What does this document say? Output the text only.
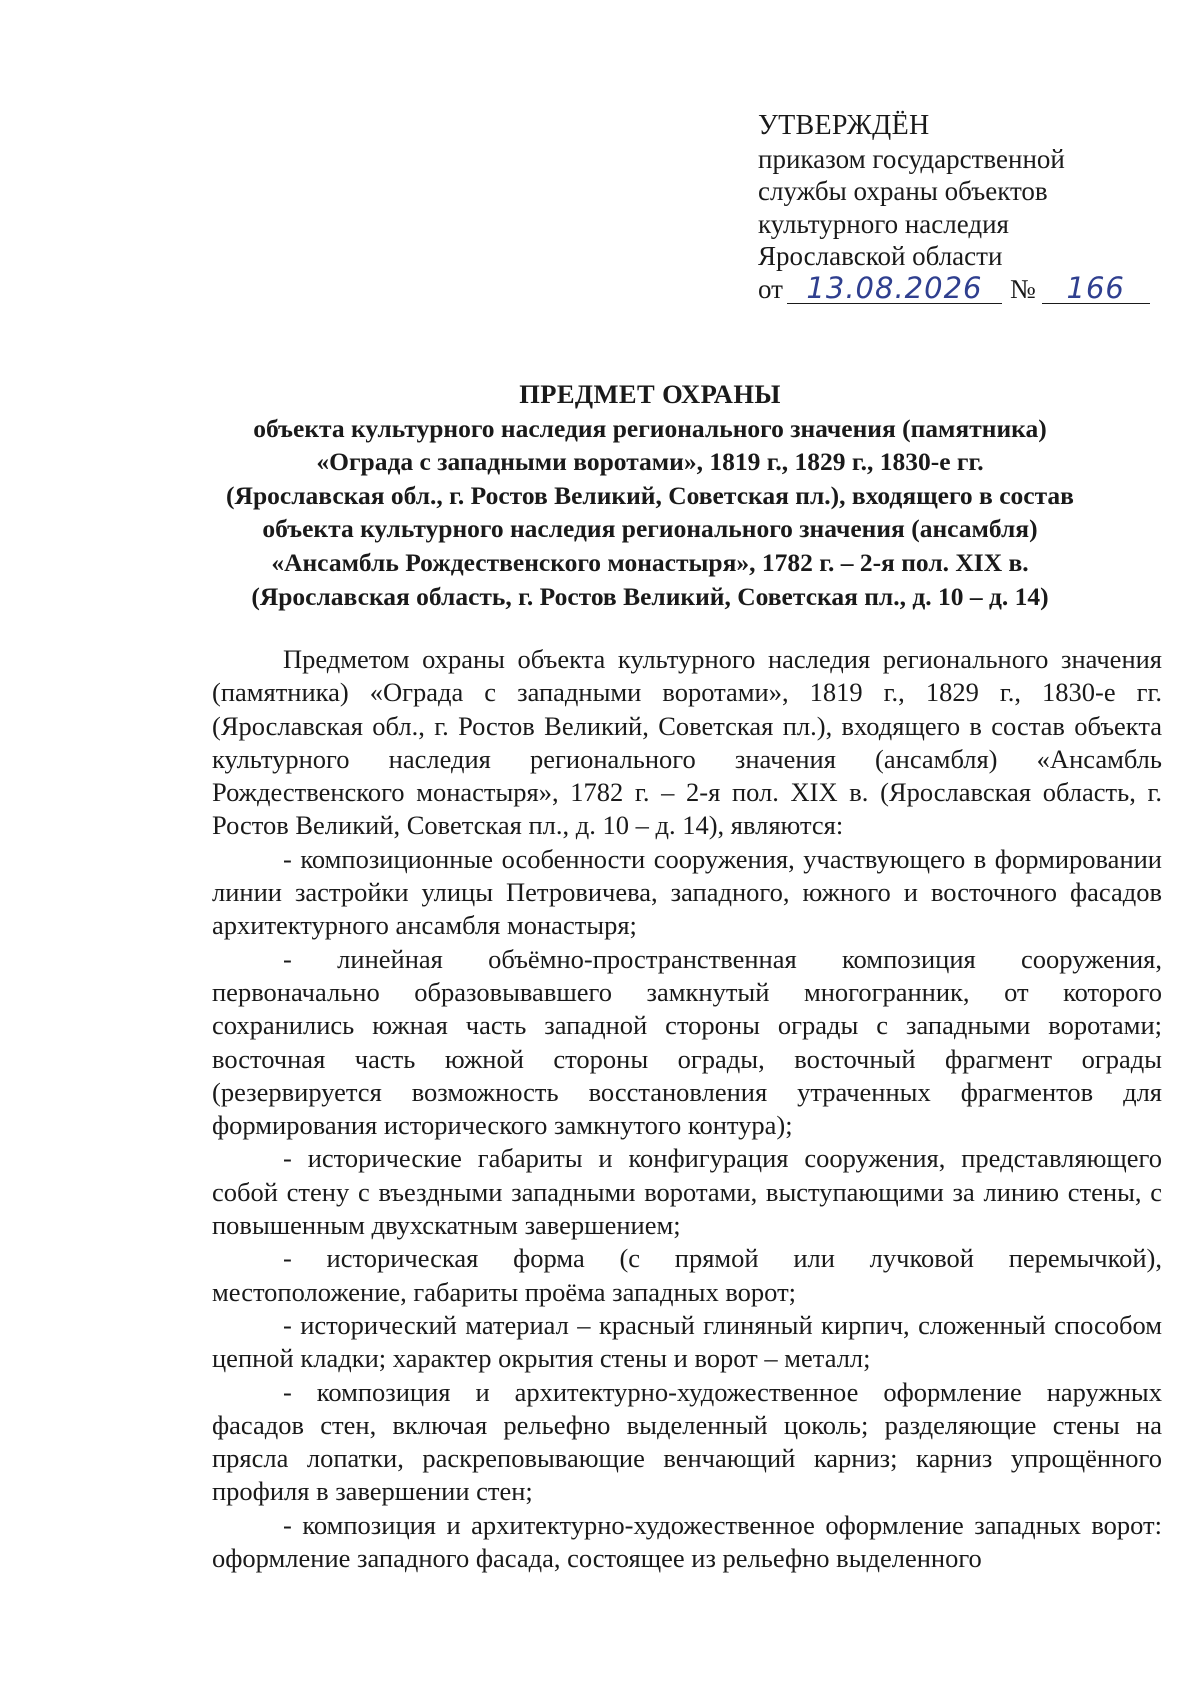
УТВЕРЖДЁН
приказом государственной
службы охраны объектов
культурного наследия
Ярославской области
от 13.08.2026 № 166
ПРЕДМЕТ ОХРАНЫ
объекта культурного наследия регионального значения (памятника)
«Ограда с западными воротами», 1819 г., 1829 г., 1830-е гг.
(Ярославская обл., г. Ростов Великий, Советская пл.), входящего в состав
объекта культурного наследия регионального значения (ансамбля)
«Ансамбль Рождественского монастыря», 1782 г. – 2-я пол. XIX в.
(Ярославская область, г. Ростов Великий, Советская пл., д. 10 – д. 14)

Предметом охраны объекта культурного наследия регионального значения (памятника) «Ограда с западными воротами», 1819 г., 1829 г., 1830-е гг. (Ярославская обл., г. Ростов Великий, Советская пл.), входящего в состав объекта культурного наследия регионального значения (ансамбля) «Ансамбль Рождественского монастыря», 1782 г. – 2-я пол. XIX в. (Ярославская область, г. Ростов Великий, Советская пл., д. 10 – д. 14), являются:

- композиционные особенности сооружения, участвующего в формировании линии застройки улицы Петровичева, западного, южного и восточного фасадов архитектурного ансамбля монастыря;

- линейная объёмно-пространственная композиция сооружения, первоначально образовывавшего замкнутый многогранник, от которого сохранились южная часть западной стороны ограды с западными воротами; восточная часть южной стороны ограды, восточный фрагмент ограды (резервируется возможность восстановления утраченных фрагментов для формирования исторического замкнутого контура);

- исторические габариты и конфигурация сооружения, представляющего собой стену с въездными западными воротами, выступающими за линию стены, с повышенным двухскатным завершением;

- историческая форма (с прямой или лучковой перемычкой), местоположение, габариты проёма западных ворот;

- исторический материал – красный глиняный кирпич, сложенный способом цепной кладки; характер окрытия стены и ворот – металл;

- композиция и архитектурно-художественное оформление наружных фасадов стен, включая рельефно выделенный цоколь; разделяющие стены на прясла лопатки, раскреповывающие венчающий карниз; карниз упрощённого профиля в завершении стен;

- композиция и архитектурно-художественное оформление западных ворот: оформление западного фасада, состоящее из рельефно выделенного
